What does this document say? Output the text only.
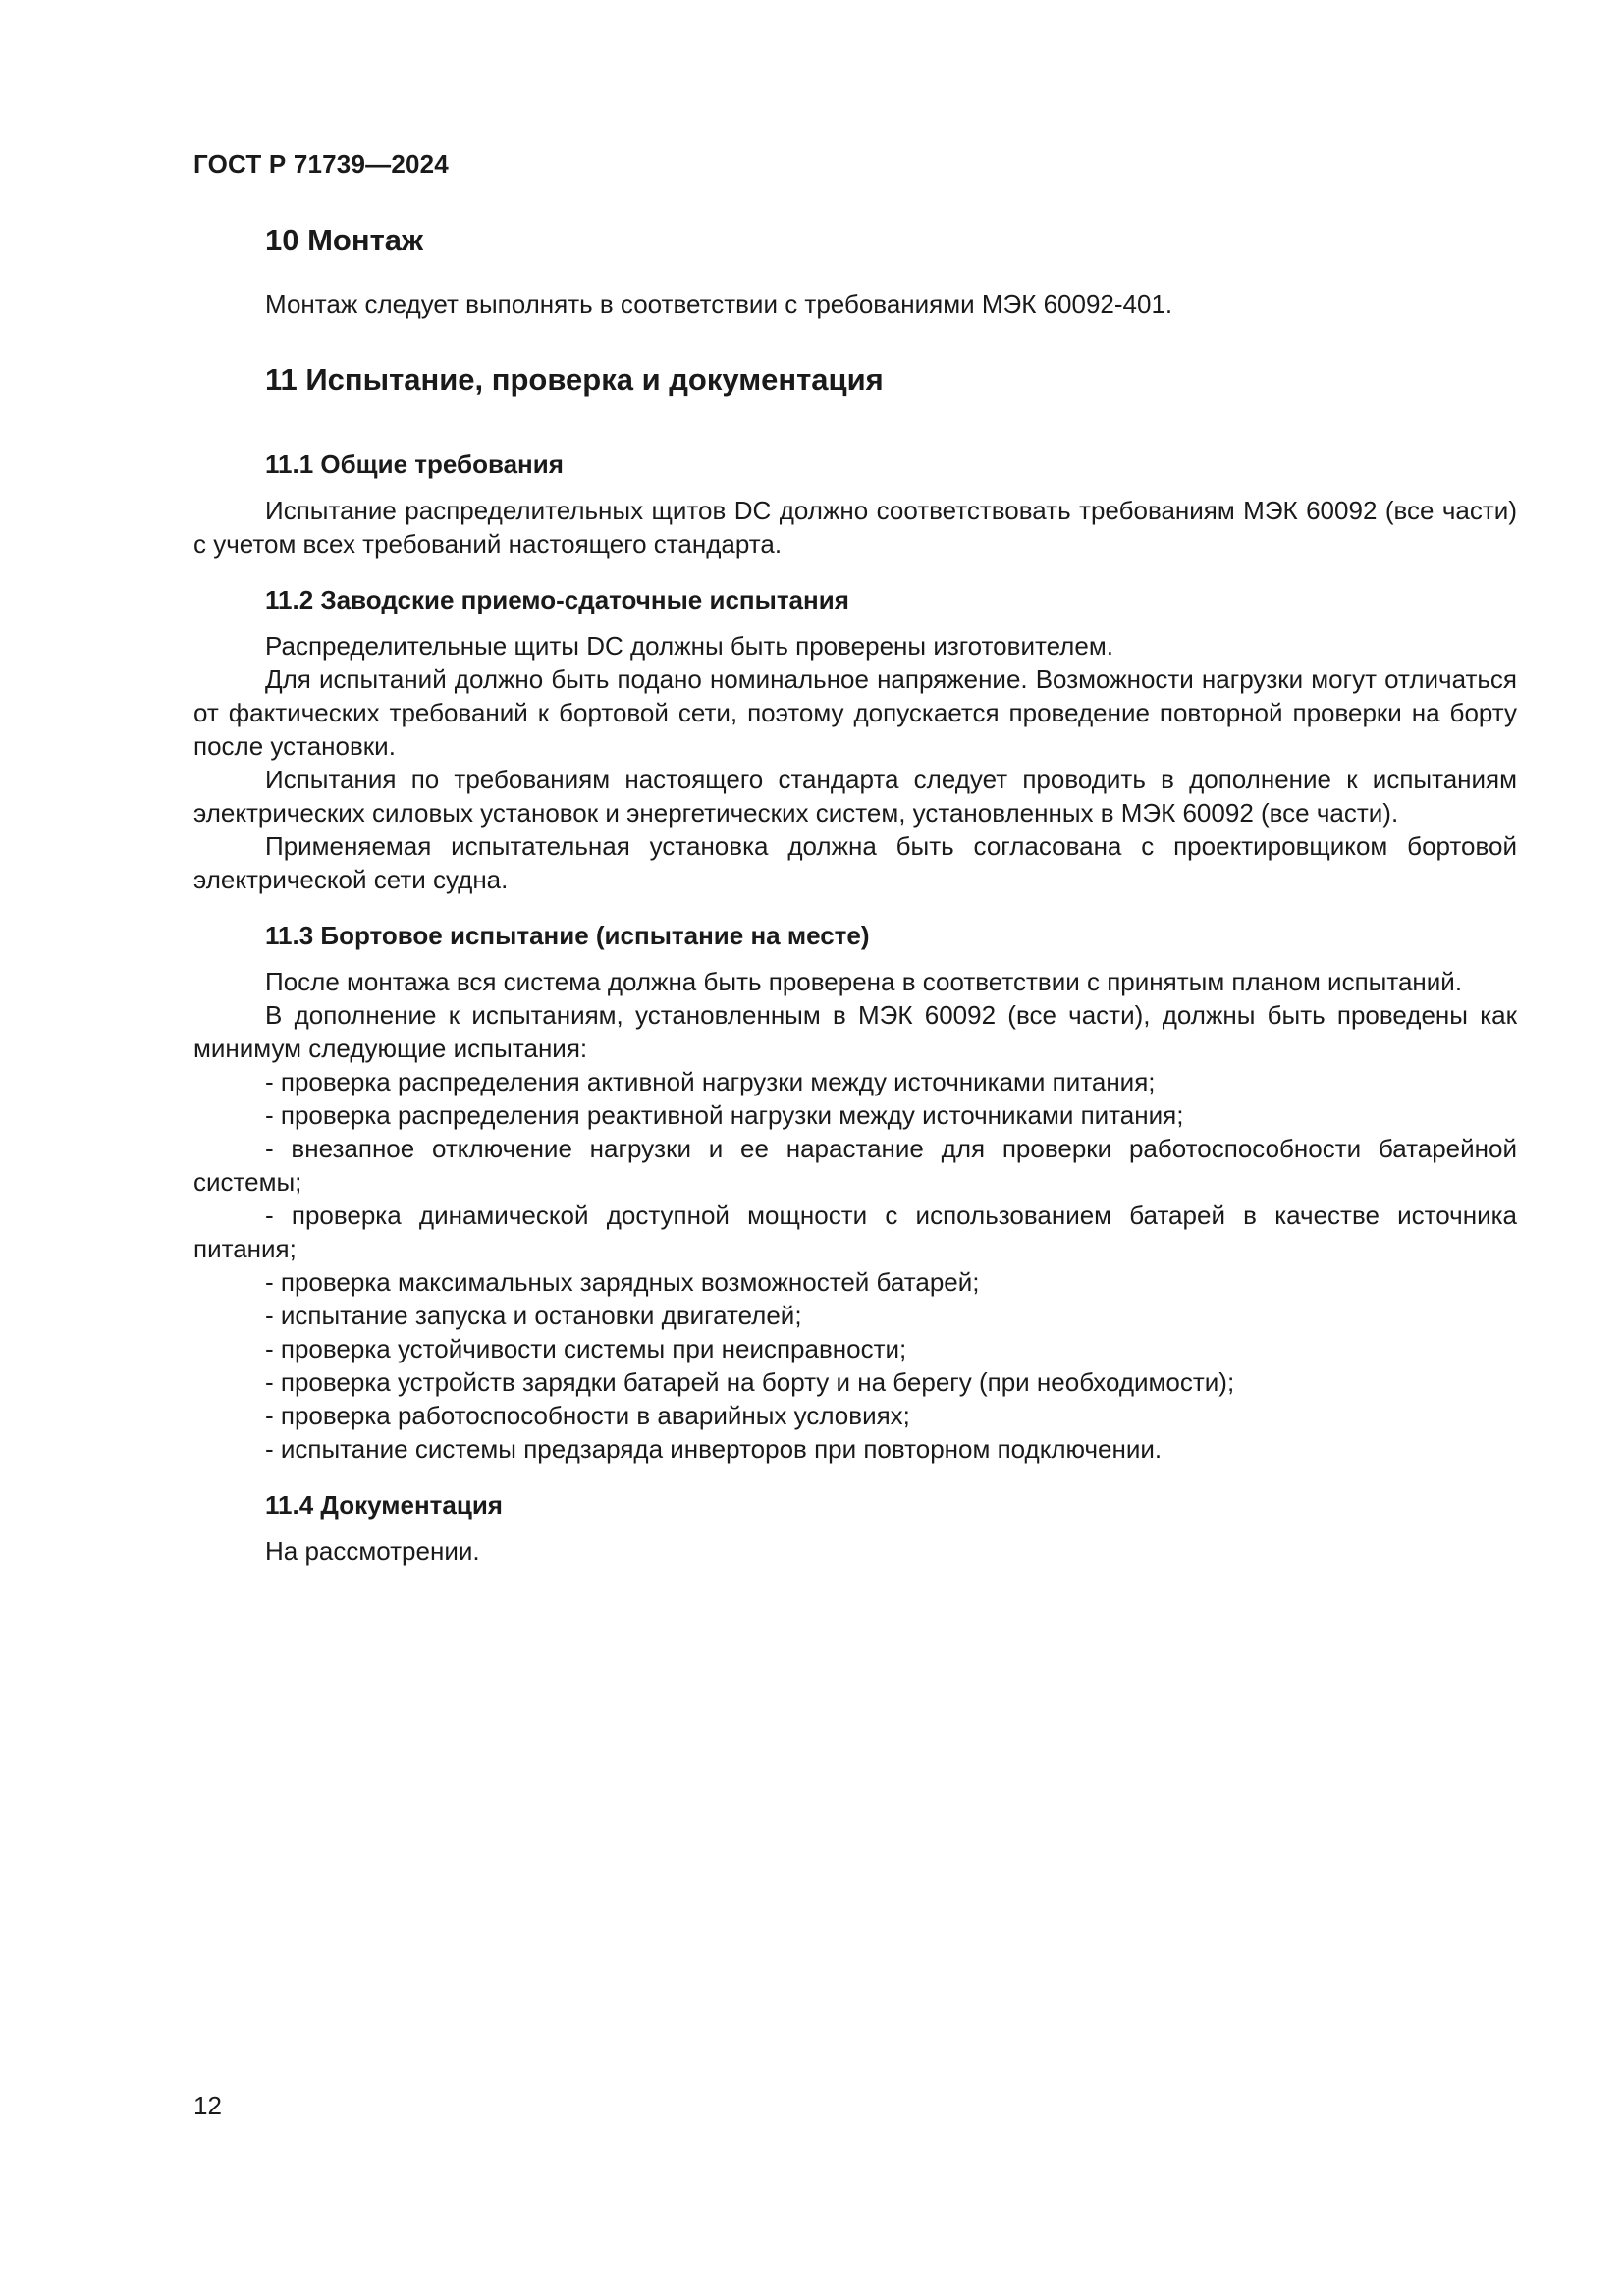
ГОСТ Р 71739—2024

10 Монтаж

Монтаж следует выполнять в соответствии с требованиями МЭК 60092-401.

11 Испытание, проверка и документация
11.1 Общие требования

Испытание распределительных щитов DC должно соответствовать требованиям МЭК 60092 (все части) с учетом всех требований настоящего стандарта.

11.2 Заводские приемо-сдаточные испытания

Распределительные щиты DC должны быть проверены изготовителем.

Для испытаний должно быть подано номинальное напряжение. Возможности нагрузки могут отличаться от фактических требований к бортовой сети, поэтому допускается проведение повторной проверки на борту после установки.

Испытания по требованиям настоящего стандарта следует проводить в дополнение к испытаниям электрических силовых установок и энергетических систем, установленных в МЭК 60092 (все части).

Применяемая испытательная установка должна быть согласована с проектировщиком бортовой электрической сети судна.

11.3 Бортовое испытание (испытание на месте)

После монтажа вся система должна быть проверена в соответствии с принятым планом испытаний.

В дополнение к испытаниям, установленным в МЭК 60092 (все части), должны быть проведены как минимум следующие испытания:

- проверка распределения активной нагрузки между источниками питания;
- проверка распределения реактивной нагрузки между источниками питания;
- внезапное отключение нагрузки и ее нарастание для проверки работоспособности батарейной системы;
- проверка динамической доступной мощности с использованием батарей в качестве источника питания;
- проверка максимальных зарядных возможностей батарей;
- испытание запуска и остановки двигателей;
- проверка устойчивости системы при неисправности;
- проверка устройств зарядки батарей на борту и на берегу (при необходимости);
- проверка работоспособности в аварийных условиях;
- испытание системы предзаряда инверторов при повторном подключении.
11.4 Документация

На рассмотрении.

12
